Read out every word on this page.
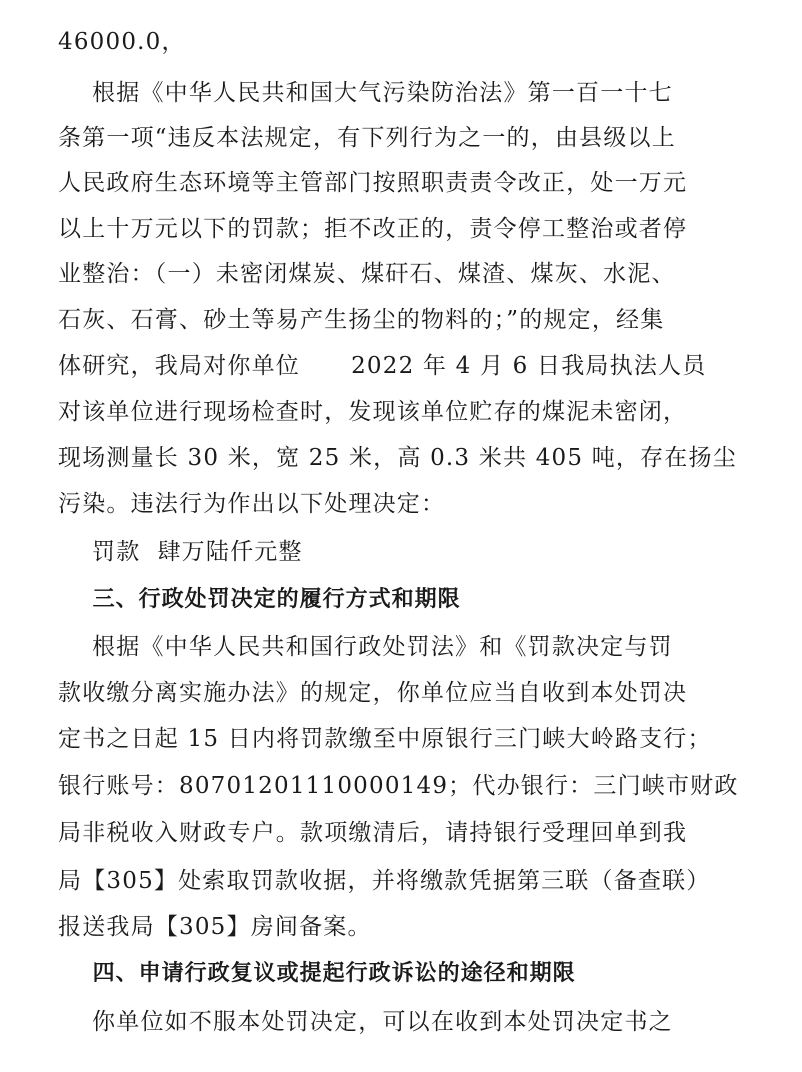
46000.0，
根据《中华人民共和国大气污染防治法》第一百一十七
条第一项“违反本法规定，有下列行为之一的，由县级以上
人民政府生态环境等主管部门按照职责责令改正，处一万元
以上十万元以下的罚款；拒不改正的，责令停工整治或者停
业整治：（一）未密闭煤炭、煤矸石、煤渣、煤灰、水泥、
石灰、石膏、砂土等易产生扬尘的物料的；”的规定，经集
体研究，我局对你单位      2022 年 4 月 6 日我局执法人员
对该单位进行现场检查时，发现该单位贮存的煤泥未密闭，
现场测量长 30 米，宽 25 米，高 0.3 米共 405 吨，存在扬尘
污染。违法行为作出以下处理决定：
罚款  肆万陆仟元整
三、行政处罚决定的履行方式和期限
根据《中华人民共和国行政处罚法》和《罚款决定与罚
款收缴分离实施办法》的规定，你单位应当自收到本处罚决
定书之日起 15 日内将罚款缴至中原银行三门峡大岭路支行；
银行账号：80701201110000149；代办银行：三门峡市财政
局非税收入财政专户。款项缴清后，请持银行受理回单到我
局【305】处索取罚款收据，并将缴款凭据第三联（备查联）
报送我局【305】房间备案。
四、申请行政复议或提起行政诉讼的途径和期限
你单位如不服本处罚决定，可以在收到本处罚决定书之
